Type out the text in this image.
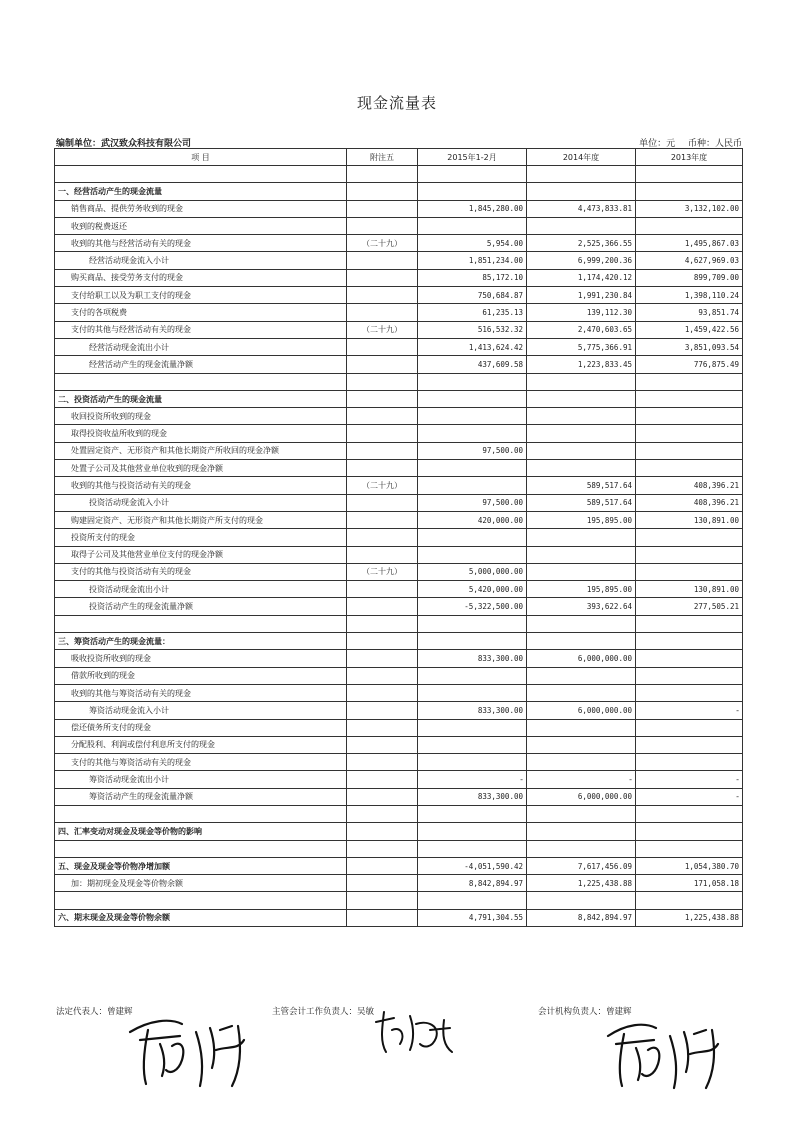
现金流量表
编制单位：武汉致众科技有限公司	单位：元 币种：人民币
项 目	附注五	2015年1-2月	2014年度	2013年度

一、经营活动产生的现金流量				
销售商品、提供劳务收到的现金		1,845,280.00	4,473,833.81	3,132,102.00
收到的税费返还				
收到的其他与经营活动有关的现金	（二十九）	5,954.00	2,525,366.55	1,495,867.03
经营活动现金流入小计		1,851,234.00	6,999,200.36	4,627,969.03
购买商品、接受劳务支付的现金		85,172.10	1,174,420.12	899,709.00
支付给职工以及为职工支付的现金		750,684.87	1,991,230.84	1,398,110.24
支付的各项税费		61,235.13	139,112.30	93,851.74
支付的其他与经营活动有关的现金	（二十九）	516,532.32	2,470,603.65	1,459,422.56
经营活动现金流出小计		1,413,624.42	5,775,366.91	3,851,093.54
经营活动产生的现金流量净额		437,609.58	1,223,833.45	776,875.49

二、投资活动产生的现金流量				
收回投资所收到的现金				
取得投资收益所收到的现金				
处置固定资产、无形资产和其他长期资产所收回的现金净额		97,500.00		
处置子公司及其他营业单位收到的现金净额				
收到的其他与投资活动有关的现金	（二十九）		589,517.64	408,396.21
投资活动现金流入小计		97,500.00	589,517.64	408,396.21
购建固定资产、无形资产和其他长期资产所支付的现金		420,000.00	195,895.00	130,891.00
投资所支付的现金				
取得子公司及其他营业单位支付的现金净额				
支付的其他与投资活动有关的现金	（二十九）	5,000,000.00		
投资活动现金流出小计		5,420,000.00	195,895.00	130,891.00
投资活动产生的现金流量净额		-5,322,500.00	393,622.64	277,505.21

三、筹资活动产生的现金流量：				
吸收投资所收到的现金		833,300.00	6,000,000.00	
借款所收到的现金				
收到的其他与筹资活动有关的现金				
筹资活动现金流入小计		833,300.00	6,000,000.00	-
偿还债务所支付的现金				
分配股利、利润或偿付利息所支付的现金				
支付的其他与筹资活动有关的现金				
筹资活动现金流出小计		-	-	-
筹资活动产生的现金流量净额		833,300.00	6,000,000.00	-

四、汇率变动对现金及现金等价物的影响				

五、现金及现金等价物净增加额		-4,051,590.42	7,617,456.09	1,054,380.70
加：期初现金及现金等价物余额		8,842,894.97	1,225,438.88	171,058.18

六、期末现金及现金等价物余额		4,791,304.55	8,842,894.97	1,225,438.88
法定代表人：曾建辉	主管会计工作负责人：吴敏	会计机构负责人：曾建辉
